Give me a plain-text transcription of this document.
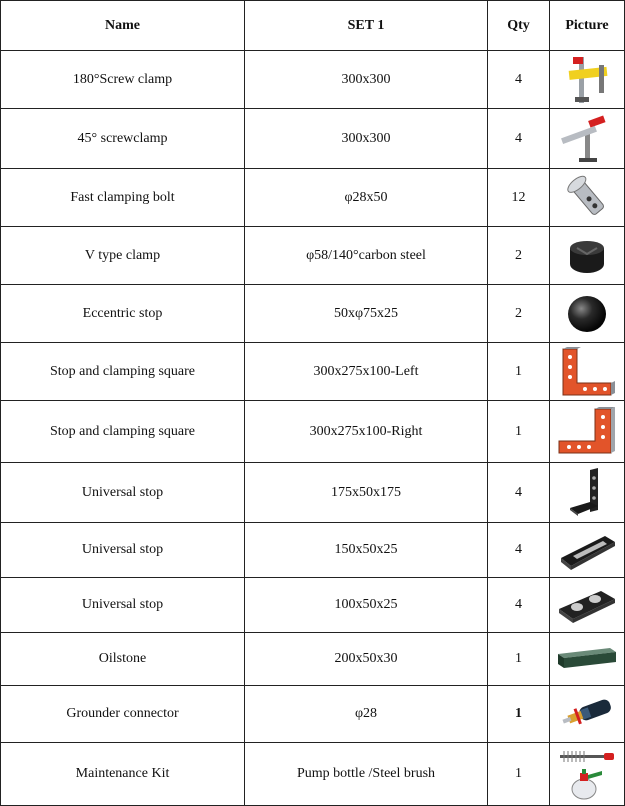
Name	SET 1	Qty	Picture
180°Screw clamp	300x300	4	

45° screwclamp	300x300	4	

Fast clamping bolt	φ28x50	12	

V type clamp	φ58/140°carbon steel	2	

Eccentric stop	50xφ75x25	2	

Stop and clamping square	300x275x100-Left	1	

Stop and clamping square	300x275x100-Right	1	

Universal stop	175x50x175	4	

Universal stop	150x50x25	4	

Universal stop	100x50x25	4	

Oilstone	200x50x30	1	

Grounder connector	φ28	1	

Maintenance Kit	Pump bottle /Steel brush	1	
